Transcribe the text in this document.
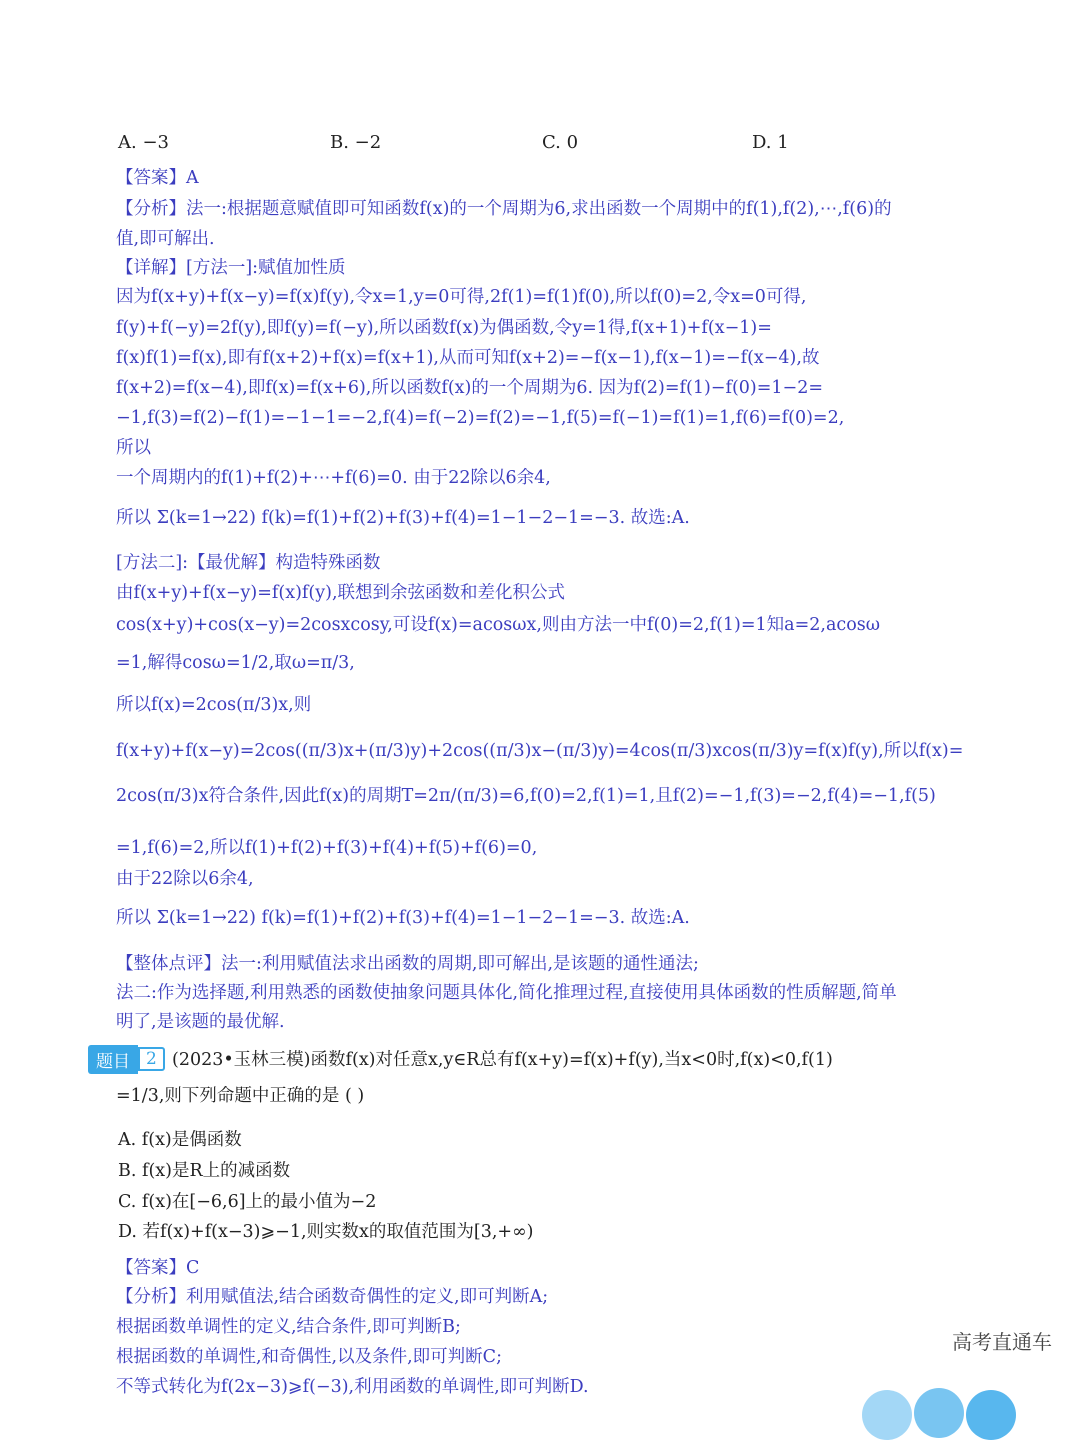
A. −3	B. −2	C. 0	D. 1
【答案】A
【分析】法一:根据题意赋值即可知函数f(x)的一个周期为6,求出函数一个周期中的f(1),f(2),⋯,f(6)的
值,即可解出.
【详解】[方法一]:赋值加性质
因为f(x+y)+f(x−y)=f(x)f(y),令x=1,y=0可得,2f(1)=f(1)f(0),所以f(0)=2,令x=0可得,
f(y)+f(−y)=2f(y),即f(y)=f(−y),所以函数f(x)为偶函数,令y=1得,f(x+1)+f(x−1)=
f(x)f(1)=f(x),即有f(x+2)+f(x)=f(x+1),从而可知f(x+2)=−f(x−1),f(x−1)=−f(x−4),故
f(x+2)=f(x−4),即f(x)=f(x+6),所以函数f(x)的一个周期为6. 因为f(2)=f(1)−f(0)=1−2=
−1,f(3)=f(2)−f(1)=−1−1=−2,f(4)=f(−2)=f(2)=−1,f(5)=f(−1)=f(1)=1,f(6)=f(0)=2,
所以
一个周期内的f(1)+f(2)+⋯+f(6)=0. 由于22除以6余4,
所以 Σ(k=1→22) f(k)=f(1)+f(2)+f(3)+f(4)=1−1−2−1=−3. 故选:A.
[方法二]:【最优解】构造特殊函数
由f(x+y)+f(x−y)=f(x)f(y),联想到余弦函数和差化积公式
cos(x+y)+cos(x−y)=2cosxcosy,可设f(x)=acosωx,则由方法一中f(0)=2,f(1)=1知a=2,acosω
=1,解得cosω=1/2,取ω=π/3,
所以f(x)=2cos(π/3)x,则
f(x+y)+f(x−y)=2cos((π/3)x+(π/3)y)+2cos((π/3)x−(π/3)y)=4cos(π/3)xcos(π/3)y=f(x)f(y),所以f(x)=
2cos(π/3)x符合条件,因此f(x)的周期T=2π/(π/3)=6,f(0)=2,f(1)=1,且f(2)=−1,f(3)=−2,f(4)=−1,f(5)
=1,f(6)=2,所以f(1)+f(2)+f(3)+f(4)+f(5)+f(6)=0,
由于22除以6余4,
所以 Σ(k=1→22) f(k)=f(1)+f(2)+f(3)+f(4)=1−1−2−1=−3. 故选:A.
【整体点评】法一:利用赋值法求出函数的周期,即可解出,是该题的通性通法;
法二:作为选择题,利用熟悉的函数使抽象问题具体化,简化推理过程,直接使用具体函数的性质解题,简单
明了,是该题的最优解.
题目 2 (2023•玉林三模)函数f(x)对任意x,y∈R总有f(x+y)=f(x)+f(y),当x<0时,f(x)<0,f(1)
=1/3,则下列命题中正确的是 ( )
A. f(x)是偶函数
B. f(x)是R上的减函数
C. f(x)在[−6,6]上的最小值为−2
D. 若f(x)+f(x−3)⩾−1,则实数x的取值范围为[3,+∞)
【答案】C
【分析】利用赋值法,结合函数奇偶性的定义,即可判断A;
根据函数单调性的定义,结合条件,即可判断B;
根据函数的单调性,和奇偶性,以及条件,即可判断C;
不等式转化为f(2x−3)⩾f(−3),利用函数的单调性,即可判断D.
高考直通车
